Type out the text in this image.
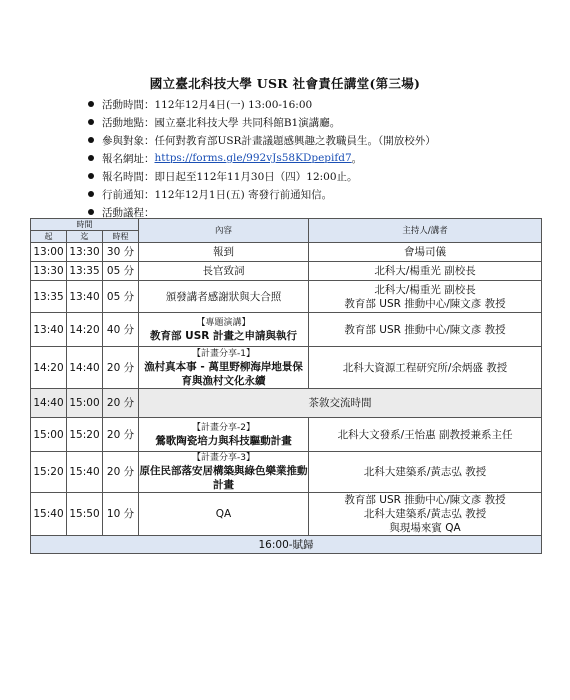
國立臺北科技大學 USR 社會責任講堂(第三場)
活動時間： 112年12月4日(一) 13:00-16:00
活動地點： 國立臺北科技大學 共同科館B1演講廳。
參與對象： 任何對教育部USR計畫議題感興趣之教職員生。（開放校外）
報名網址： https://forms.gle/992vJs58KDpepifd7 。
報名時間： 即日起至112年11月30日（四）12:00止。
行前通知： 112年12月1日(五) 寄發行前通知信。
活動議程：
時間			內容	主持人/講者
起	迄	時程		
13:00	13:30	30 分	報到	會場司儀

13:30	13:35	05 分	長官致詞	北科大/楊重光 副校長

13:35	13:40	05 分	頒發講者感謝狀與大合照	北科大/楊重光 副校長
教育部 USR 推動中心/陳文彥 教授

13:40	14:20	40 分	【專題演講】
教育部 USR 計畫之申請與執行	教育部 USR 推動中心/陳文彥 教授

14:20	14:40	20 分	【計畫分享-1】
漁村真本事 - 萬里野柳海岸地景保育與漁村文化永續	北科大資源工程研究所/余炳盛 教授

14:40	15:00	20 分	茶敘交流時間	
15:00	15:20	20 分	【計畫分享-2】
鶯歌陶瓷培力與科技驅動計畫	北科大文發系/王怡惠 副教授兼系主任

15:20	15:40	20 分	【計畫分享-3】
原住民部落安居構築與綠色樂業推動計畫	北科大建築系/黃志弘 教授

15:40	15:50	10 分	QA	教育部 USR 推動中心/陳文彥 教授
北科大建築系/黃志弘 教授
與現場來賓 QA

16:00-賦歸				
